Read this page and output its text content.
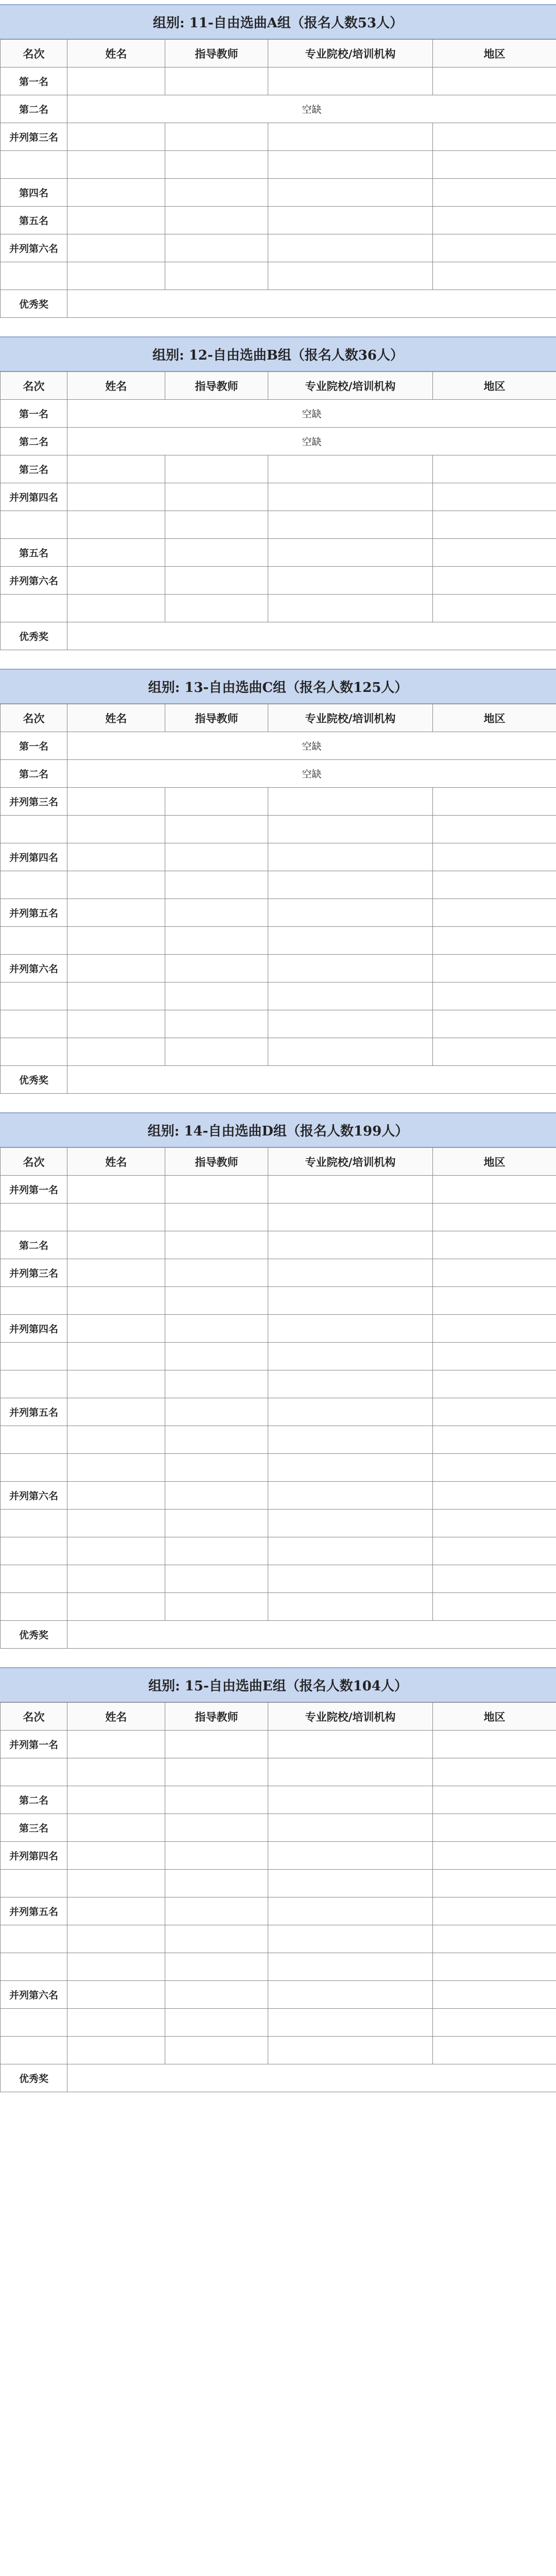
组别: 11-自由选曲A组（报名人数53人）
名次	姓名	指导教师	专业院校/培训机构	地区
第一名				
第二名	空缺			
并列第三名				

第四名				
第五名				
并列第六名				

优秀奖				
组别: 12-自由选曲B组（报名人数36人）
名次	姓名	指导教师	专业院校/培训机构	地区
第一名	空缺			
第二名	空缺			
第三名				
并列第四名				

第五名				
并列第六名				

优秀奖				
组别: 13-自由选曲C组（报名人数125人）
名次	姓名	指导教师	专业院校/培训机构	地区
第一名	空缺			
第二名	空缺			
并列第三名				

并列第四名				

并列第五名				

并列第六名				

优秀奖				
组别: 14-自由选曲D组（报名人数199人）
名次	姓名	指导教师	专业院校/培训机构	地区
并列第一名				

第二名				
并列第三名				

并列第四名				

并列第五名				

并列第六名				

优秀奖				
组别: 15-自由选曲E组（报名人数104人）
名次	姓名	指导教师	专业院校/培训机构	地区
并列第一名				

第二名				
第三名				
并列第四名				

并列第五名				

并列第六名				

优秀奖				
